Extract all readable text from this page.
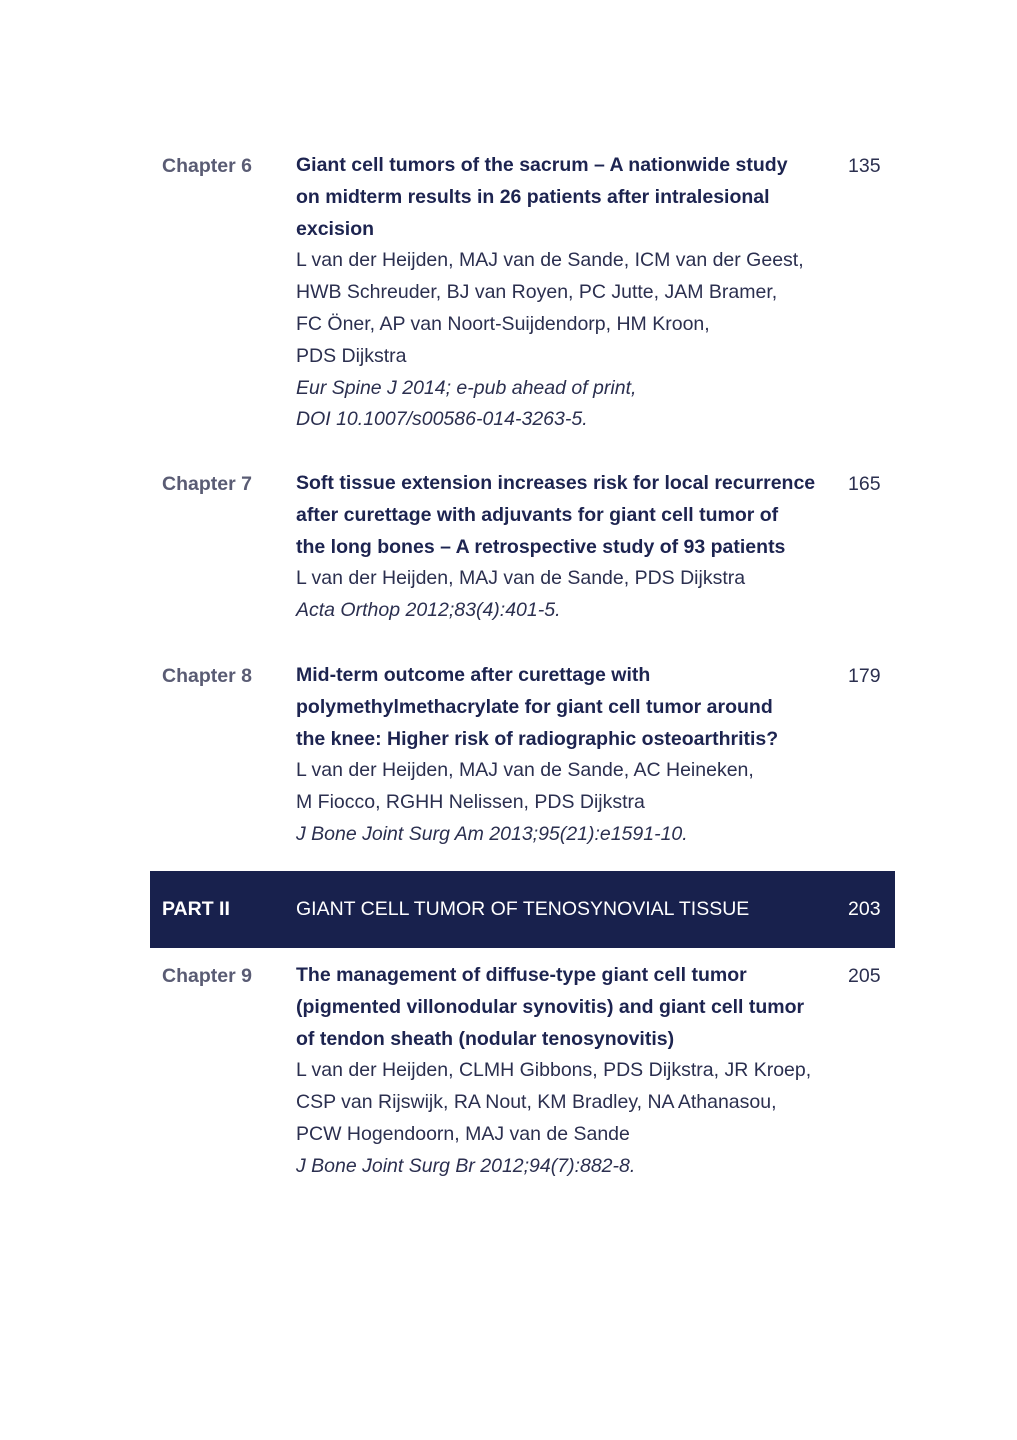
Chapter 6 Giant cell tumors of the sacrum – A nationwide study
on midterm results in 26 patients after intralesional
excision
L van der Heijden, MAJ van de Sande, ICM van der Geest,
HWB Schreuder, BJ van Royen, PC Jutte, JAM Bramer,
FC Öner, AP van Noort-Suijdendorp, HM Kroon,
PDS Dijkstra
Eur Spine J 2014; e-pub ahead of print,
DOI 10.1007/s00586-014-3263-5.
135
Chapter 7 Soft tissue extension increases risk for local recurrence
after curettage with adjuvants for giant cell tumor of
the long bones – A retrospective study of 93 patients
L van der Heijden, MAJ van de Sande, PDS Dijkstra
Acta Orthop 2012;83(4):401-5.
165
Chapter 8 Mid-term outcome after curettage with
polymethylmethacrylate for giant cell tumor around
the knee: Higher risk of radiographic osteoarthritis?
L van der Heijden, MAJ van de Sande, AC Heineken,
M Fiocco, RGHH Nelissen, PDS Dijkstra
J Bone Joint Surg Am 2013;95(21):e1591-10.
179
PART II	GIANT CELL TUMOR OF TENOSYNOVIAL TISSUE	203
Chapter 9 The management of diffuse-type giant cell tumor
(pigmented villonodular synovitis) and giant cell tumor
of tendon sheath (nodular tenosynovitis)
L van der Heijden, CLMH Gibbons, PDS Dijkstra, JR Kroep,
CSP van Rijswijk, RA Nout, KM Bradley, NA Athanasou,
PCW Hogendoorn, MAJ van de Sande
J Bone Joint Surg Br 2012;94(7):882-8.
205
